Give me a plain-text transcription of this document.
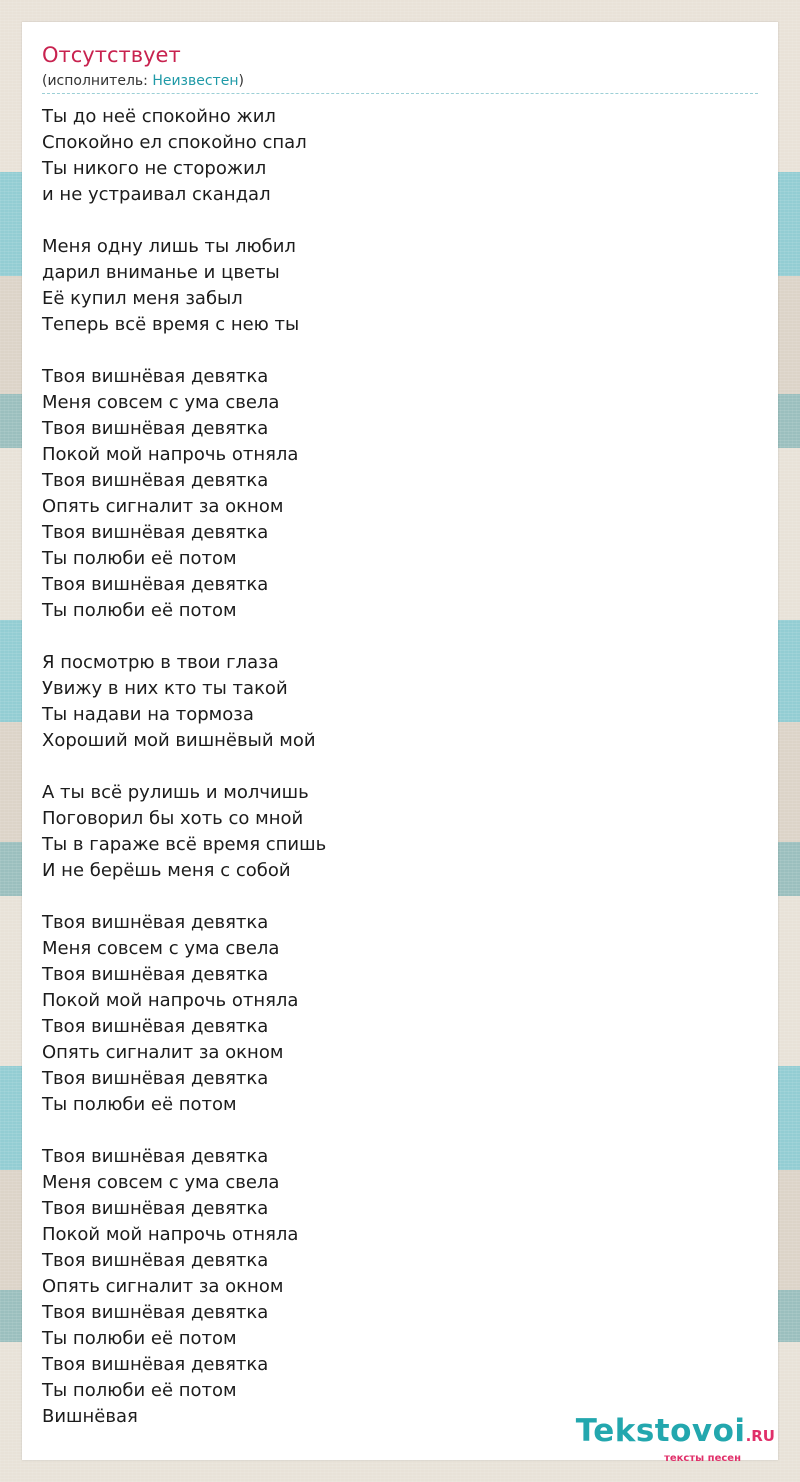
Отсутствует
(исполнитель: Неизвестен)
Ты до неё спокойно жил
Спокойно ел спокойно спал
Ты никого не сторожил
и не устраивал скандал
Меня одну лишь ты любил
дарил вниманье и цветы
Её купил меня забыл
Теперь всё время с нею ты
Твоя вишнёвая девятка
Меня совсем с ума свела
Твоя вишнёвая девятка
Покой мой напрочь отняла
Твоя вишнёвая девятка
Опять сигналит за окном
Твоя вишнёвая девятка
Ты полюби её потом
Твоя вишнёвая девятка
Ты полюби её потом
Я посмотрю в твои глаза
Увижу в них кто ты такой
Ты надави на тормоза
Хороший мой вишнёвый мой
А ты всё рулишь и молчишь
Поговорил бы хоть со мной
Ты в гараже всё время спишь
И не берёшь меня с собой
Твоя вишнёвая девятка
Меня совсем с ума свела
Твоя вишнёвая девятка
Покой мой напрочь отняла
Твоя вишнёвая девятка
Опять сигналит за окном
Твоя вишнёвая девятка
Ты полюби её потом
Твоя вишнёвая девятка
Меня совсем с ума свела
Твоя вишнёвая девятка
Покой мой напрочь отняла
Твоя вишнёвая девятка
Опять сигналит за окном
Твоя вишнёвая девятка
Ты полюби её потом
Твоя вишнёвая девятка
Ты полюби её потом
Вишнёвая	Tekstovoi.RU
тексты песен
